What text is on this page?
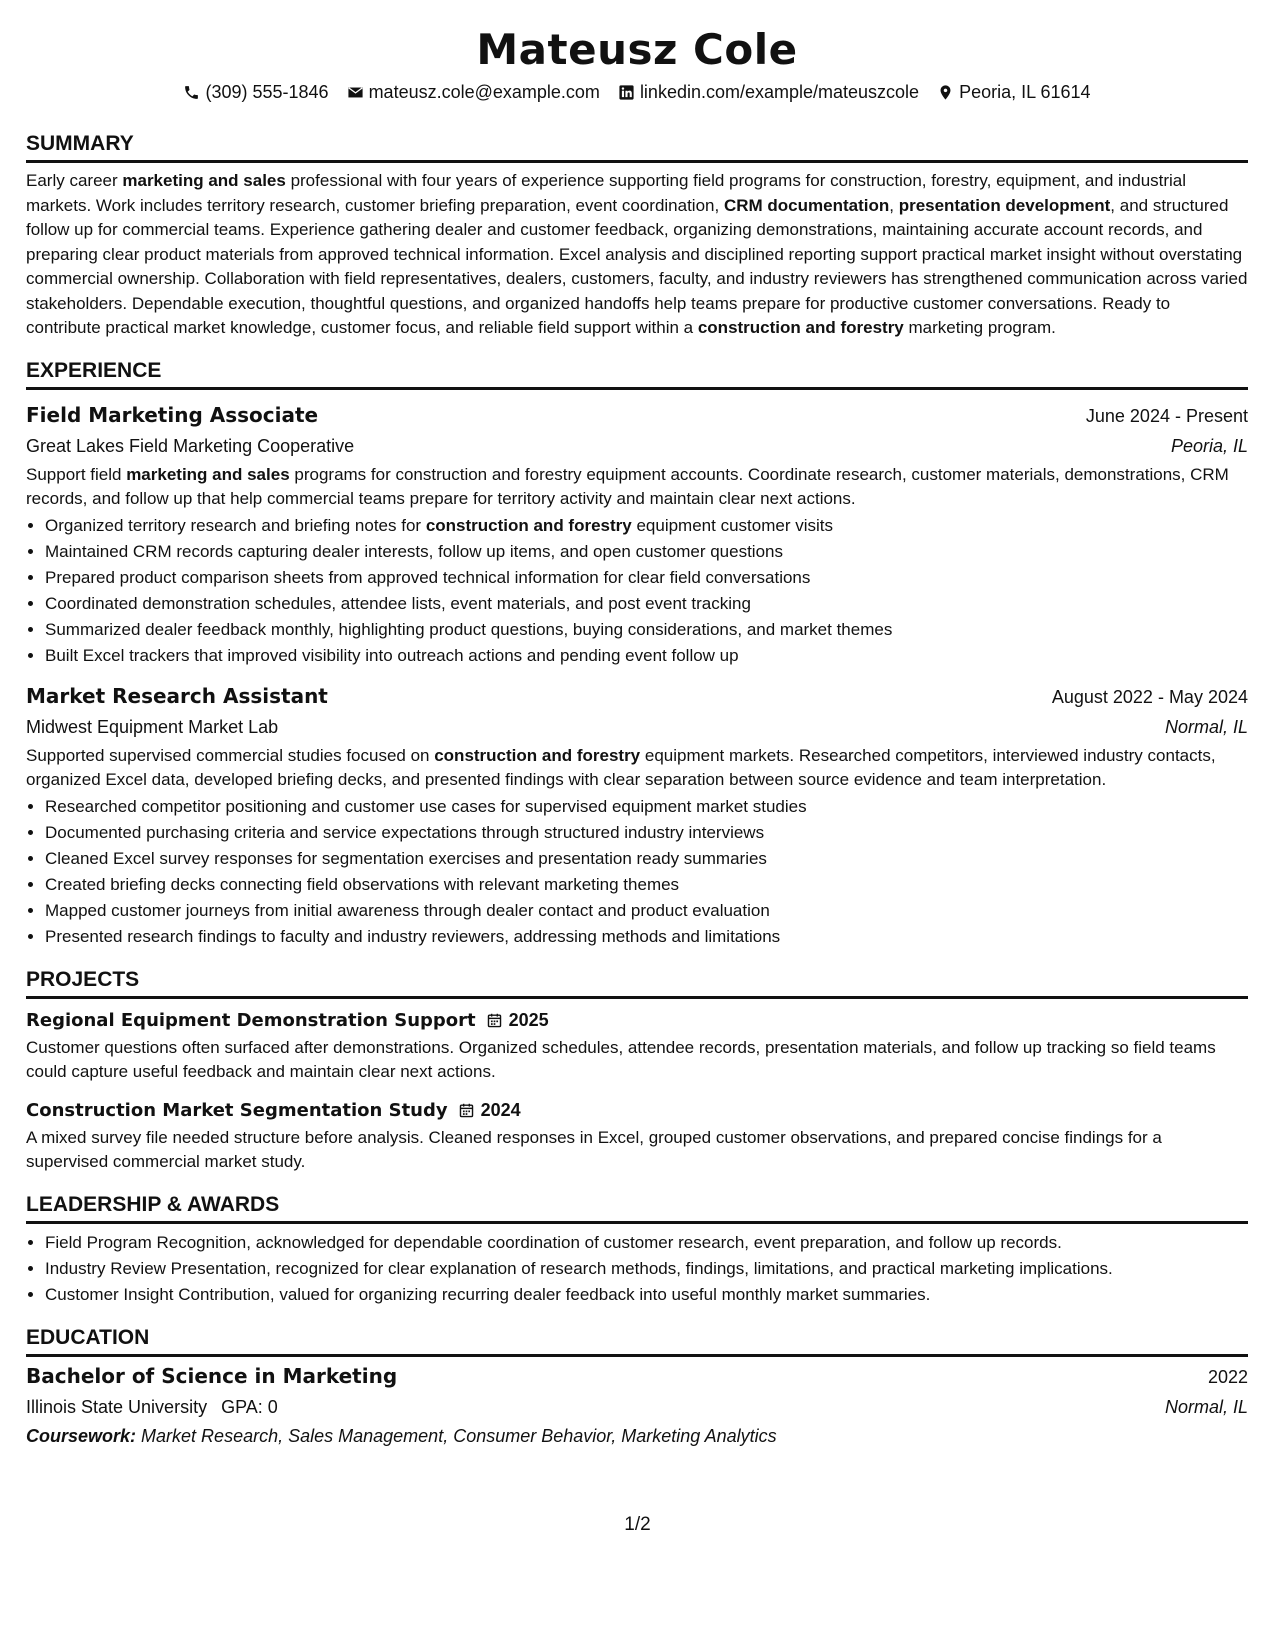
Mateusz Cole
(309) 555-1846 mateusz.cole@example.com linkedin.com/example/mateuszcole Peoria, IL 61614
SUMMARY

Early career marketing and sales professional with four years of experience supporting field programs for construction, forestry, equipment, and industrial markets. Work includes territory research, customer briefing preparation, event coordination, CRM documentation, presentation development, and structured follow up for commercial teams. Experience gathering dealer and customer feedback, organizing demonstrations, maintaining accurate account records, and preparing clear product materials from approved technical information. Excel analysis and disciplined reporting support practical market insight without overstating commercial ownership. Collaboration with field representatives, dealers, customers, faculty, and industry reviewers has strengthened communication across varied stakeholders. Dependable execution, thoughtful questions, and organized handoffs help teams prepare for productive customer conversations. Ready to contribute practical market knowledge, customer focus, and reliable field support within a construction and forestry marketing program.

EXPERIENCE
Field Marketing Associate	June 2024 - Present
Great Lakes Field Marketing Cooperative	Peoria, IL

Support field marketing and sales programs for construction and forestry equipment accounts. Coordinate research, customer materials, demonstrations, CRM records, and follow up that help commercial teams prepare for territory activity and maintain clear next actions.

• Organized territory research and briefing notes for construction and forestry equipment customer visits
• Maintained CRM records capturing dealer interests, follow up items, and open customer questions
• Prepared product comparison sheets from approved technical information for clear field conversations
• Coordinated demonstration schedules, attendee lists, event materials, and post event tracking
• Summarized dealer feedback monthly, highlighting product questions, buying considerations, and market themes
• Built Excel trackers that improved visibility into outreach actions and pending event follow up
Market Research Assistant	August 2022 - May 2024
Midwest Equipment Market Lab	Normal, IL

Supported supervised commercial studies focused on construction and forestry equipment markets. Researched competitors, interviewed industry contacts, organized Excel data, developed briefing decks, and presented findings with clear separation between source evidence and team interpretation.

• Researched competitor positioning and customer use cases for supervised equipment market studies
• Documented purchasing criteria and service expectations through structured industry interviews
• Cleaned Excel survey responses for segmentation exercises and presentation ready summaries
• Created briefing decks connecting field observations with relevant marketing themes
• Mapped customer journeys from initial awareness through dealer contact and product evaluation
• Presented research findings to faculty and industry reviewers, addressing methods and limitations
PROJECTS
Regional Equipment Demonstration Support 2025

Customer questions often surfaced after demonstrations. Organized schedules, attendee records, presentation materials, and follow up tracking so field teams could capture useful feedback and maintain clear next actions.

Construction Market Segmentation Study 2024

A mixed survey file needed structure before analysis. Cleaned responses in Excel, grouped customer observations, and prepared concise findings for a supervised commercial market study.

LEADERSHIP & AWARDS
• Field Program Recognition, acknowledged for dependable coordination of customer research, event preparation, and follow up records.
• Industry Review Presentation, recognized for clear explanation of research methods, findings, limitations, and practical marketing implications.
• Customer Insight Contribution, valued for organizing recurring dealer feedback into useful monthly market summaries.
EDUCATION
Bachelor of Science in Marketing	2022
Illinois State University GPA: 0	Normal, IL
Coursework: Market Research, Sales Management, Consumer Behavior, Marketing Analytics
1/2
